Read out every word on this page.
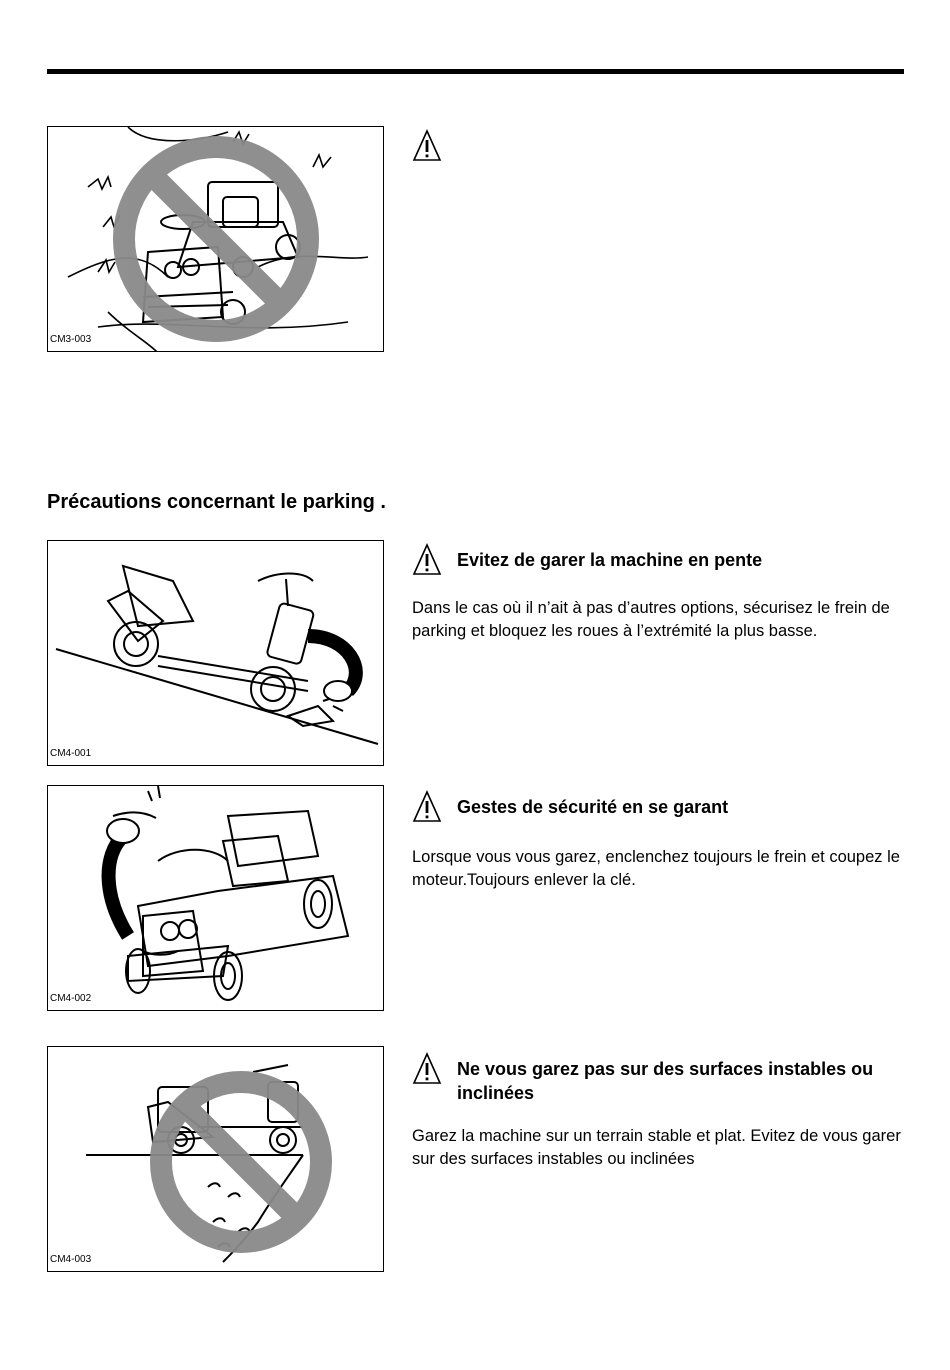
CM3-003

Précautions concernant le parking .
CM4-001
Evitez de garer la machine en pente

Dans le cas où il n’ait à pas d’autres options, sécurisez le frein de parking et bloquez les roues à l’extrémité la plus basse.

CM4-002
Gestes de sécurité en se garant

Lorsque vous vous garez, enclenchez toujours le frein et coupez le moteur.Toujours enlever la clé.

CM4-003
Ne vous garez pas sur des surfaces instables ou inclinées

Garez la machine sur un terrain stable et plat. Evitez de vous garer sur des surfaces instables ou inclinées
